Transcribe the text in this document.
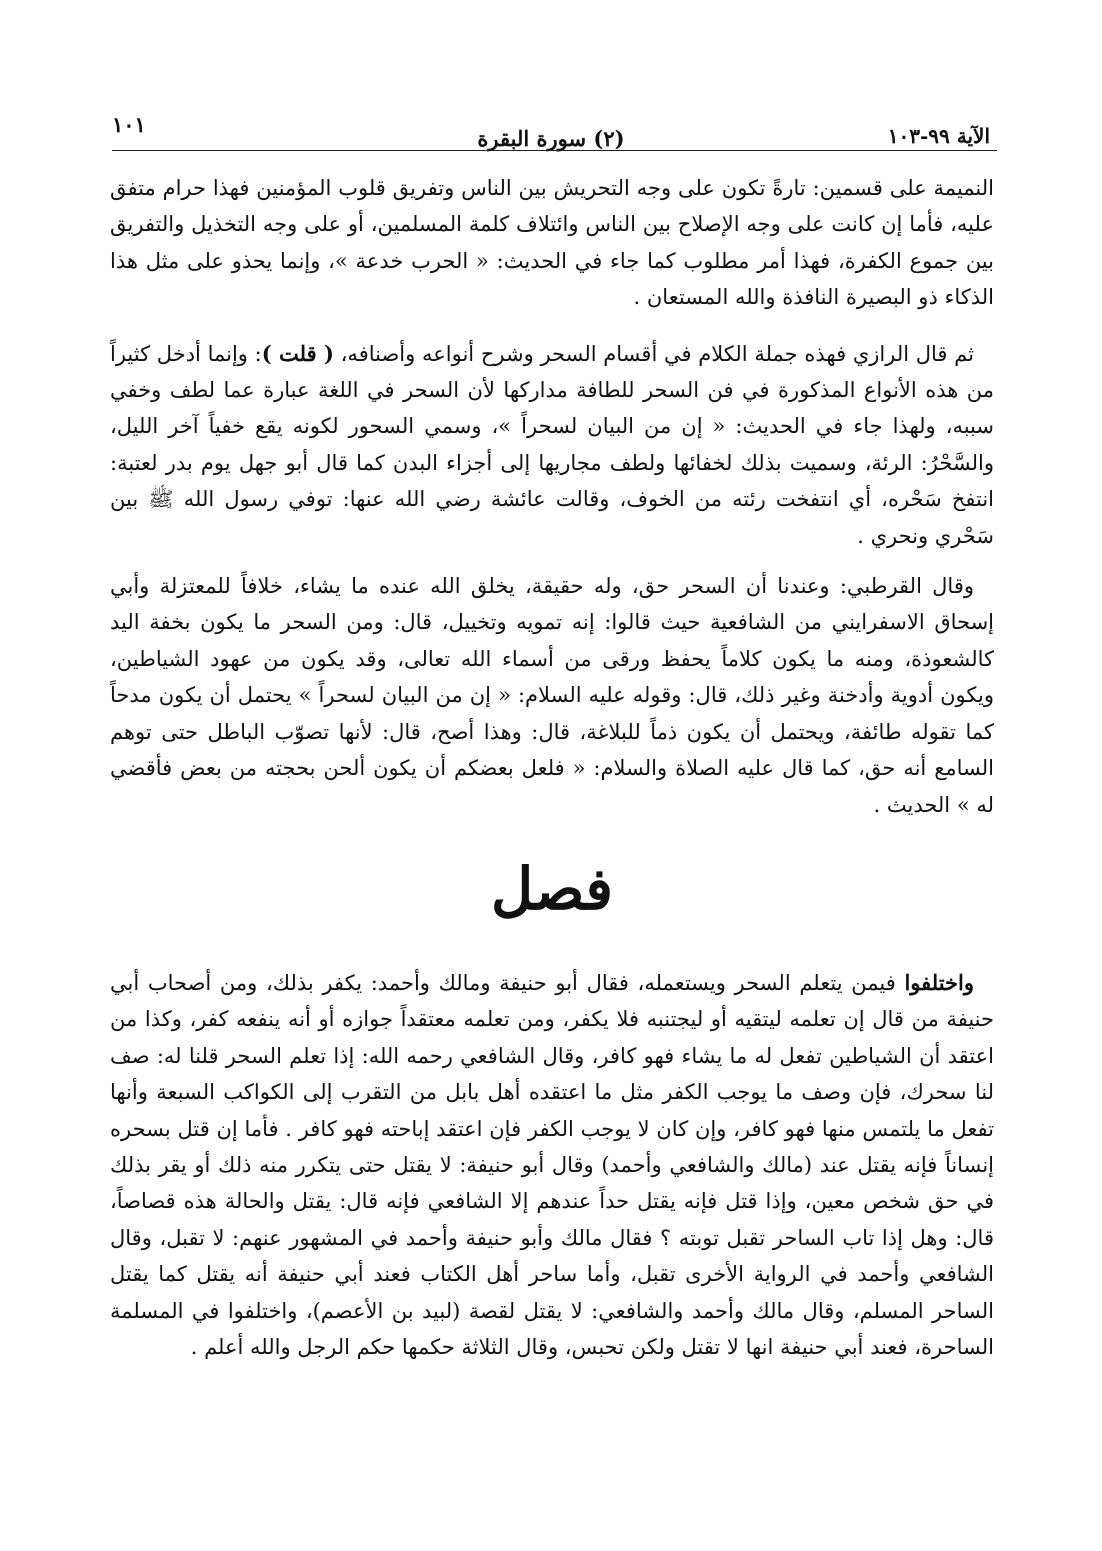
الآية ٩٩-١٠٣
(٢) سورة البقرة
١٠١

النميمة على قسمين: تارةً تكون على وجه التحريش بين الناس وتفريق قلوب المؤمنين فهذا حرام متفق عليه، فأما إن كانت على وجه الإصلاح بين الناس وائتلاف كلمة المسلمين، أو على وجه التخذيل والتفريق بين جموع الكفرة، فهذا أمر مطلوب كما جاء في الحديث: « الحرب خدعة »، وإنما يحذو على مثل هذا الذكاء ذو البصيرة النافذة والله المستعان .

ثم قال الرازي فهذه جملة الكلام في أقسام السحر وشرح أنواعه وأصنافه، ( قلت ): وإنما أدخل كثيراً من هذه الأنواع المذكورة في فن السحر للطافة مداركها لأن السحر في اللغة عبارة عما لطف وخفي سببه، ولهذا جاء في الحديث: « إن من البيان لسحراً »، وسمي السحور لكونه يقع خفياً آخر الليل، والسَّحْرُ: الرئة، وسميت بذلك لخفائها ولطف مجاريها إلى أجزاء البدن كما قال أبو جهل يوم بدر لعتبة: انتفخ سَحْره، أي انتفخت رئته من الخوف، وقالت عائشة رضي الله عنها: توفي رسول الله ﷺ بين سَحْري ونحري .

وقال القرطبي: وعندنا أن السحر حق، وله حقيقة، يخلق الله عنده ما يشاء، خلافاً للمعتزلة وأبي إسحاق الاسفرايني من الشافعية حيث قالوا: إنه تمويه وتخييل، قال: ومن السحر ما يكون بخفة اليد كالشعوذة، ومنه ما يكون كلاماً يحفظ ورقى من أسماء الله تعالى، وقد يكون من عهود الشياطين، ويكون أدوية وأدخنة وغير ذلك، قال: وقوله عليه السلام: « إن من البيان لسحراً » يحتمل أن يكون مدحاً كما تقوله طائفة، ويحتمل أن يكون ذماً للبلاغة، قال: وهذا أصح، قال: لأنها تصوّب الباطل حتى توهم السامع أنه حق، كما قال عليه الصلاة والسلام: « فلعل بعضكم أن يكون ألحن بحجته من بعض فأقضي له » الحديث .

فصل

واختلفوا فيمن يتعلم السحر ويستعمله، فقال أبو حنيفة ومالك وأحمد: يكفر بذلك، ومن أصحاب أبي حنيفة من قال إن تعلمه ليتقيه أو ليجتنبه فلا يكفر، ومن تعلمه معتقداً جوازه أو أنه ينفعه كفر، وكذا من اعتقد أن الشياطين تفعل له ما يشاء فهو كافر، وقال الشافعي رحمه الله: إذا تعلم السحر قلنا له: صف لنا سحرك، فإن وصف ما يوجب الكفر مثل ما اعتقده أهل بابل من التقرب إلى الكواكب السبعة وأنها تفعل ما يلتمس منها فهو كافر، وإن كان لا يوجب الكفر فإن اعتقد إباحته فهو كافر . فأما إن قتل بسحره إنساناً فإنه يقتل عند (مالك والشافعي وأحمد) وقال أبو حنيفة: لا يقتل حتى يتكرر منه ذلك أو يقر بذلك في حق شخص معين، وإذا قتل فإنه يقتل حداً عندهم إلا الشافعي فإنه قال: يقتل والحالة هذه قصاصاً، قال: وهل إذا تاب الساحر تقبل توبته ؟ فقال مالك وأبو حنيفة وأحمد في المشهور عنهم: لا تقبل، وقال الشافعي وأحمد في الرواية الأخرى تقبل، وأما ساحر أهل الكتاب فعند أبي حنيفة أنه يقتل كما يقتل الساحر المسلم، وقال مالك وأحمد والشافعي: لا يقتل لقصة (لبيد بن الأعصم)، واختلفوا في المسلمة الساحرة، فعند أبي حنيفة انها لا تقتل ولكن تحبس، وقال الثلاثة حكمها حكم الرجل والله أعلم .
